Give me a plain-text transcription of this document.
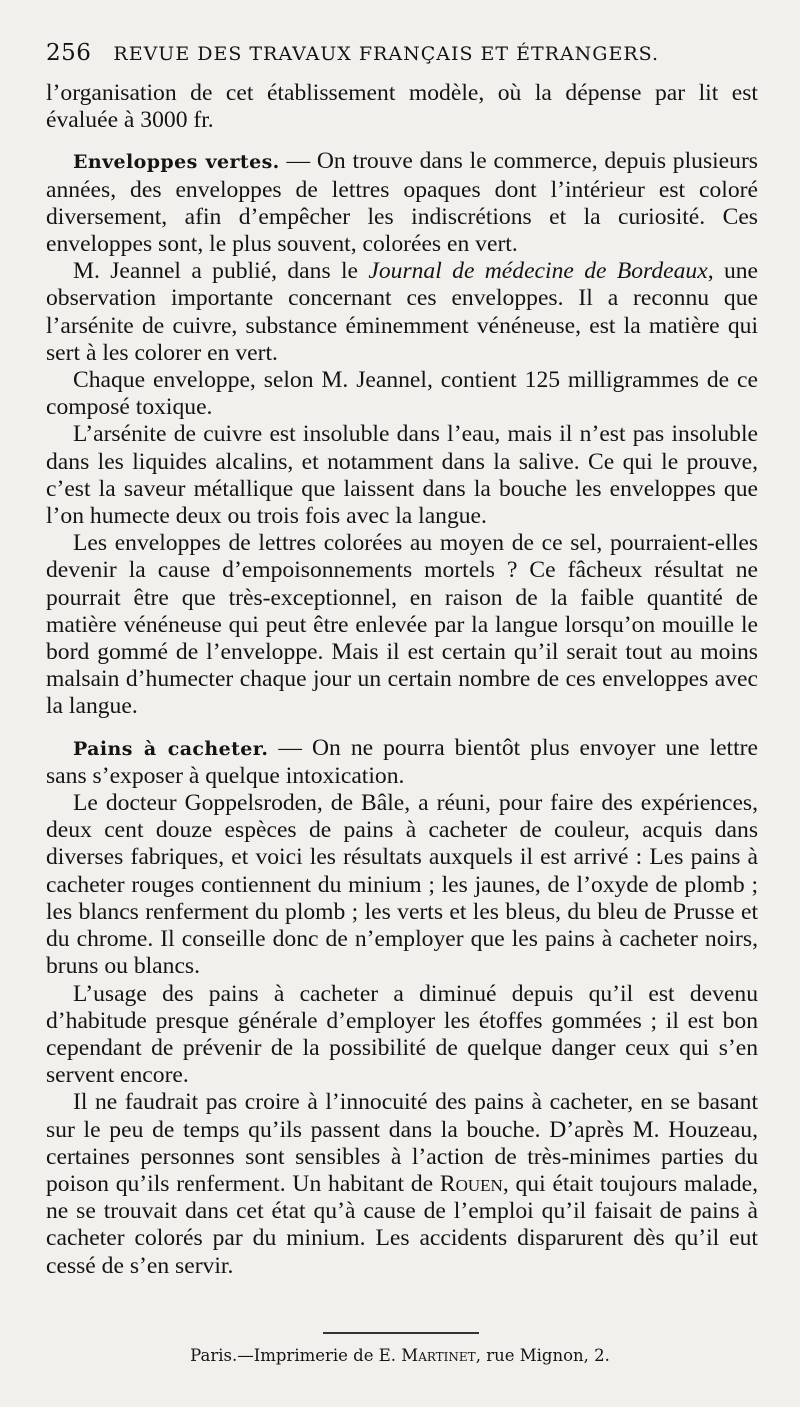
256 REVUE DES TRAVAUX FRANÇAIS ET ÉTRANGERS.

l’organisation de cet établissement modèle, où la dépense par lit est évaluée à 3000 fr.

Enveloppes vertes. — On trouve dans le commerce, depuis plusieurs années, des enveloppes de lettres opaques dont l’intérieur est coloré diversement, afin d’empêcher les indiscrétions et la curiosité. Ces enveloppes sont, le plus souvent, colorées en vert.

M. Jeannel a publié, dans le Journal de médecine de Bordeaux, une observation importante concernant ces enveloppes. Il a reconnu que l’arsénite de cuivre, substance éminemment vénéneuse, est la matière qui sert à les colorer en vert.

Chaque enveloppe, selon M. Jeannel, contient 125 milligrammes de ce composé toxique.

L’arsénite de cuivre est insoluble dans l’eau, mais il n’est pas insoluble dans les liquides alcalins, et notamment dans la salive. Ce qui le prouve, c’est la saveur métallique que laissent dans la bouche les enveloppes que l’on humecte deux ou trois fois avec la langue.

Les enveloppes de lettres colorées au moyen de ce sel, pourraient-elles devenir la cause d’empoisonnements mortels ? Ce fâcheux résultat ne pourrait être que très-exceptionnel, en raison de la faible quantité de matière vénéneuse qui peut être enlevée par la langue lorsqu’on mouille le bord gommé de l’enveloppe. Mais il est certain qu’il serait tout au moins malsain d’humecter chaque jour un certain nombre de ces enveloppes avec la langue.

Pains à cacheter. — On ne pourra bientôt plus envoyer une lettre sans s’exposer à quelque intoxication.

Le docteur Goppelsroden, de Bâle, a réuni, pour faire des expériences, deux cent douze espèces de pains à cacheter de couleur, acquis dans diverses fabriques, et voici les résultats auxquels il est arrivé : Les pains à cacheter rouges contiennent du minium ; les jaunes, de l’oxyde de plomb ; les blancs renferment du plomb ; les verts et les bleus, du bleu de Prusse et du chrome. Il conseille donc de n’employer que les pains à cacheter noirs, bruns ou blancs.

L’usage des pains à cacheter a diminué depuis qu’il est devenu d’habitude presque générale d’employer les étoffes gommées ; il est bon cependant de prévenir de la possibilité de quelque danger ceux qui s’en servent encore.

Il ne faudrait pas croire à l’innocuité des pains à cacheter, en se basant sur le peu de temps qu’ils passent dans la bouche. D’après M. Houzeau, certaines personnes sont sensibles à l’action de très-minimes parties du poison qu’ils renferment. Un habitant de Rouen, qui était toujours malade, ne se trouvait dans cet état qu’à cause de l’emploi qu’il faisait de pains à cacheter colorés par du minium. Les accidents disparurent dès qu’il eut cessé de s’en servir.

Paris.—Imprimerie de E. Martinet, rue Mignon, 2.
